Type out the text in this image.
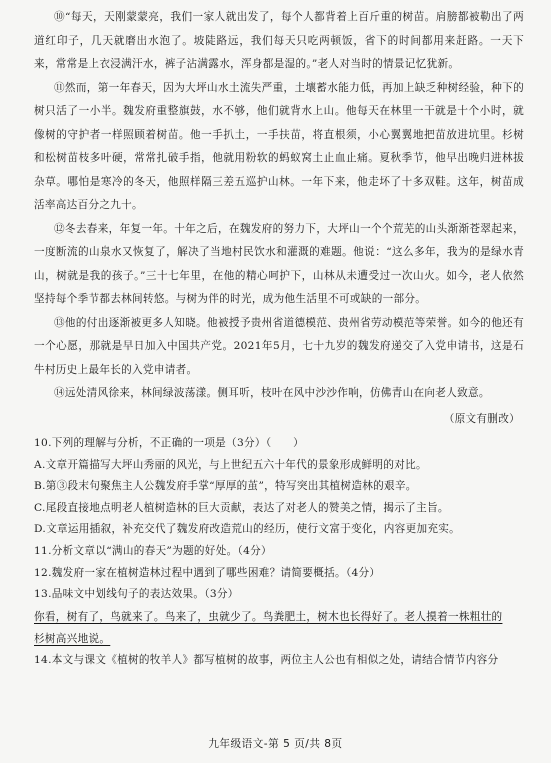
⑩“每天，天刚蒙蒙亮，我们一家人就出发了，每个人都背着上百斤重的树苗。肩膀都被勒出了两道红印子，几天就磨出水泡了。坡陡路远，我们每天只吃两顿饭，省下的时间都用来赶路。一天下来，常常是上衣浸满汗水，裤子沾满露水，浑身都是湿的。”老人对当时的情景记忆犹新。

⑪然而，第一年春天，因为大坪山水土流失严重，土壤蓄水能力低，再加上缺乏种树经验，种下的树只活了一小半。魏发府重整旗鼓，水不够，他们就背水上山。他每天在林里一干就是十个小时，就像树的守护者一样照顾着树苗。他一手扒土，一手扶苗，将直根须，小心翼翼地把苗放进坑里。杉树和松树苗枝多叶硬，常常扎破手指，他就用粉软的蚂蚁窝土止血止痛。夏秋季节，他早出晚归进林拔杂草。哪怕是寒冷的冬天，他照样隔三差五巡护山林。一年下来，他走坏了十多双鞋。这年，树苗成活率高达百分之九十。

⑫冬去春来，年复一年。十年之后，在魏发府的努力下，大坪山一个个荒芜的山头渐渐苍翠起来，一度断流的山泉水又恢复了，解决了当地村民饮水和灌溉的难题。他说：“这么多年，我为的是绿水青山，树就是我的孩子。”三十七年里，在他的精心呵护下，山林从未遭受过一次山火。如今，老人依然坚持每个季节都去林间转悠。与树为伴的时光，成为他生活里不可或缺的一部分。

⑬他的付出逐渐被更多人知晓。他被授予贵州省道德模范、贵州省劳动模范等荣誉。如今的他还有一个心愿，那就是早日加入中国共产党。2021年5月，七十九岁的魏发府递交了入党申请书，这是石牛村历史上最年长的入党申请者。

⑭远处清风徐来，林间绿波荡漾。侧耳听，枝叶在风中沙沙作响，仿佛青山在向老人致意。

（原文有删改）

10.下列的理解与分析，不正确的一项是（3分）（　　）

A.文章开篇描写大坪山秀丽的风光，与上世纪五六十年代的景象形成鲜明的对比。

B.第③段末句聚焦主人公魏发府手掌“厚厚的茧”，特写突出其植树造林的艰辛。

C.尾段直接地点明老人植树造林的巨大贡献，表达了对老人的赞美之情，揭示了主旨。

D.文章运用插叙，补充交代了魏发府改造荒山的经历，使行文富于变化，内容更加充实。

11.分析文章以“满山的春天”为题的好处。（4分）

12.魏发府一家在植树造林过程中遇到了哪些困难？请简要概括。（4分）

13.品味文中划线句子的表达效果。（3分）

你看，树有了，鸟就来了。鸟来了，虫就少了。鸟粪肥土，树木也长得好了。老人摸着一株粗壮的

杉树高兴地说。

14.本文与课文《植树的牧羊人》都写植树的故事，两位主人公也有相似之处，请结合情节内容分

九年级语文-第 5 页/共 8页
